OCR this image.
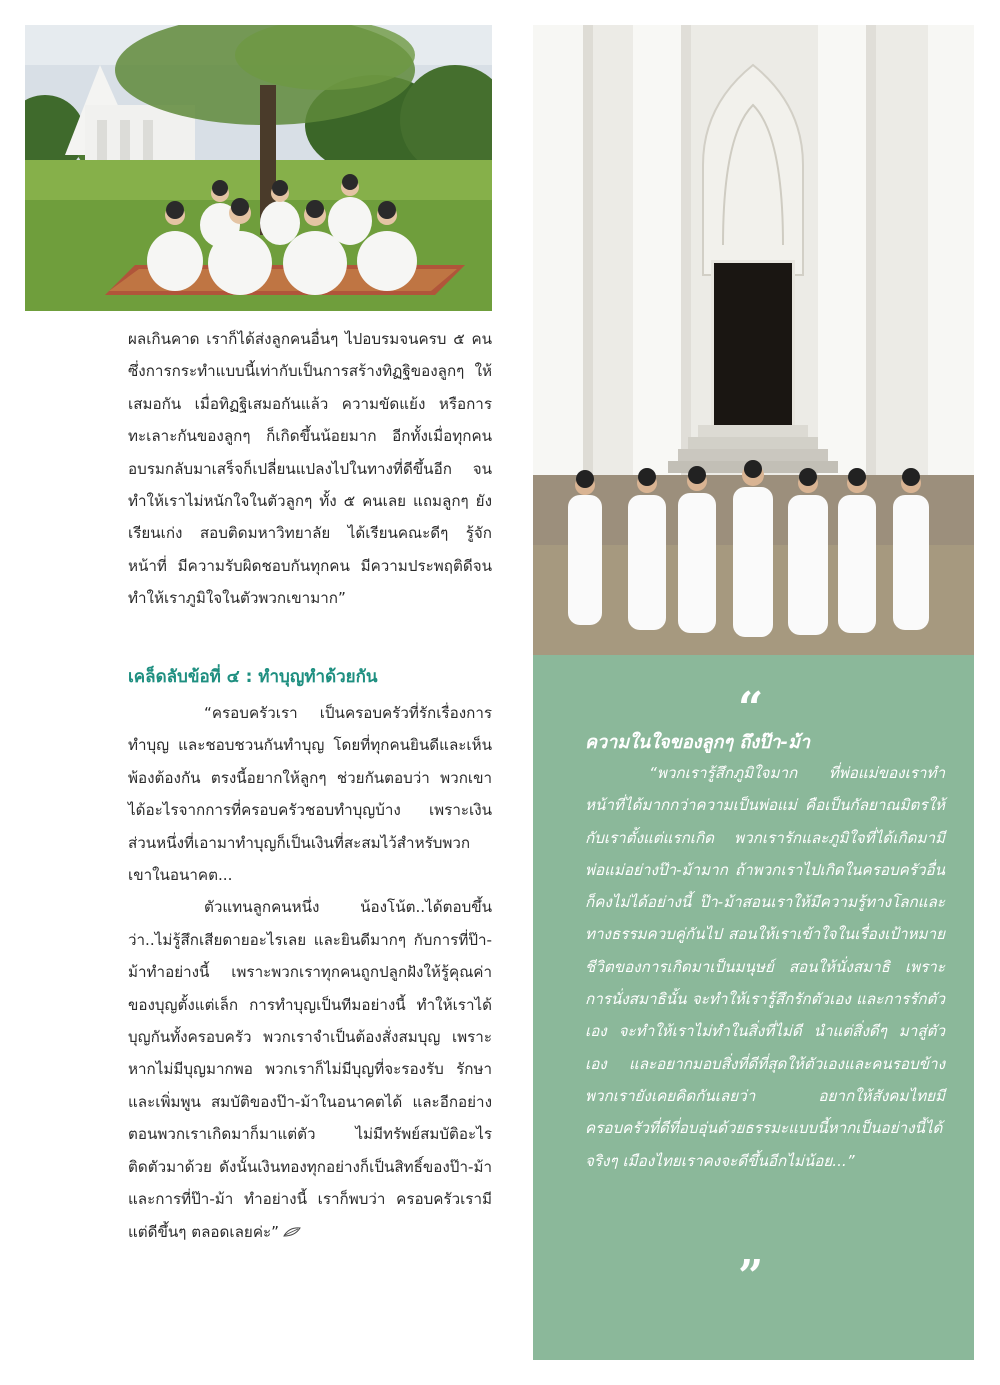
ผลเกินคาด เราก็ได้ส่งลูกคนอื่นๆ ไปอบรมจนครบ ๕ คน ซึ่งการกระทำแบบนี้เท่ากับเป็นการสร้างทิฏฐิของลูกๆ ให้เสมอกัน เมื่อทิฏฐิเสมอกันแล้ว ความขัดแย้ง หรือการทะเลาะกันของลูกๆ ก็เกิดขึ้นน้อยมาก อีกทั้งเมื่อทุกคนอบรมกลับมาเสร็จก็เปลี่ยนแปลงไปในทางที่ดีขึ้นอีก จนทำให้เราไม่หนักใจในตัวลูกๆ ทั้ง ๕ คนเลย แถมลูกๆ ยังเรียนเก่ง สอบติดมหาวิทยาลัย ได้เรียนคณะดีๆ รู้จักหน้าที่ มีความรับผิดชอบกันทุกคน มีความประพฤติดีจนทำให้เราภูมิใจในตัวพวกเขามาก”

เคล็ดลับข้อที่ ๔ : ทำบุญทำด้วยกัน

“ครอบครัวเรา เป็นครอบครัวที่รักเรื่องการทำบุญ และชอบชวนกันทำบุญ โดยที่ทุกคนยินดีและเห็นพ้องต้องกัน ตรงนี้อยากให้ลูกๆ ช่วยกันตอบว่า พวกเขาได้อะไรจากการที่ครอบครัวชอบทำบุญบ้าง เพราะเงินส่วนหนึ่งที่เอามาทำบุญก็เป็นเงินที่สะสมไว้สำหรับพวกเขาในอนาคต...

ตัวแทนลูกคนหนึ่ง น้องโน้ต..ได้ตอบขึ้นว่า..ไม่รู้สึกเสียดายอะไรเลย และยินดีมากๆ กับการที่ป๊า-ม้าทำอย่างนี้ เพราะพวกเราทุกคนถูกปลูกฝังให้รู้คุณค่าของบุญตั้งแต่เล็ก การทำบุญเป็นทีมอย่างนี้ ทำให้เราได้บุญกันทั้งครอบครัว พวกเราจำเป็นต้องสั่งสมบุญ เพราะหากไม่มีบุญมากพอ พวกเราก็ไม่มีบุญที่จะรองรับ รักษา และเพิ่มพูน สมบัติของป๊า-ม้าในอนาคตได้ และอีกอย่างตอนพวกเราเกิดมาก็มาแต่ตัว ไม่มีทรัพย์สมบัติอะไรติดตัวมาด้วย ดังนั้นเงินทองทุกอย่างก็เป็นสิทธิ์ของป๊า-ม้า และการที่ป๊า-ม้า ทำอย่างนี้ เราก็พบว่า ครอบครัวเรามีแต่ดีขึ้นๆ ตลอดเลยค่ะ”

“
ความในใจของลูกๆ ถึงป๊า-ม้า

“พวกเรารู้สึกภูมิใจมาก ที่พ่อแม่ของเราทำหน้าที่ได้มากกว่าความเป็นพ่อแม่ คือเป็นกัลยาณมิตรให้กับเราตั้งแต่แรกเกิด พวกเรารักและภูมิใจที่ได้เกิดมามีพ่อแม่อย่างป๊า-ม้ามาก ถ้าพวกเราไปเกิดในครอบครัวอื่นก็คงไม่ได้อย่างนี้ ป๊า-ม้าสอนเราให้มีความรู้ทางโลกและทางธรรมควบคู่กันไป สอนให้เราเข้าใจในเรื่องเป้าหมายชีวิตของการเกิดมาเป็นมนุษย์ สอนให้นั่งสมาธิ เพราะการนั่งสมาธินั้น จะทำให้เรารู้สึกรักตัวเอง และการรักตัวเอง จะทำให้เราไม่ทำในสิ่งที่ไม่ดี นำแต่สิ่งดีๆ มาสู่ตัวเอง และอยากมอบสิ่งที่ดีที่สุดให้ตัวเองและคนรอบข้าง พวกเรายังเคยคิดกันเลยว่า อยากให้สังคมไทยมีครอบครัวที่ดีที่อบอุ่นด้วยธรรมะแบบนี้หากเป็นอย่างนี้ได้จริงๆ เมืองไทยเราคงจะดีขึ้นอีกไม่น้อย...”

”
